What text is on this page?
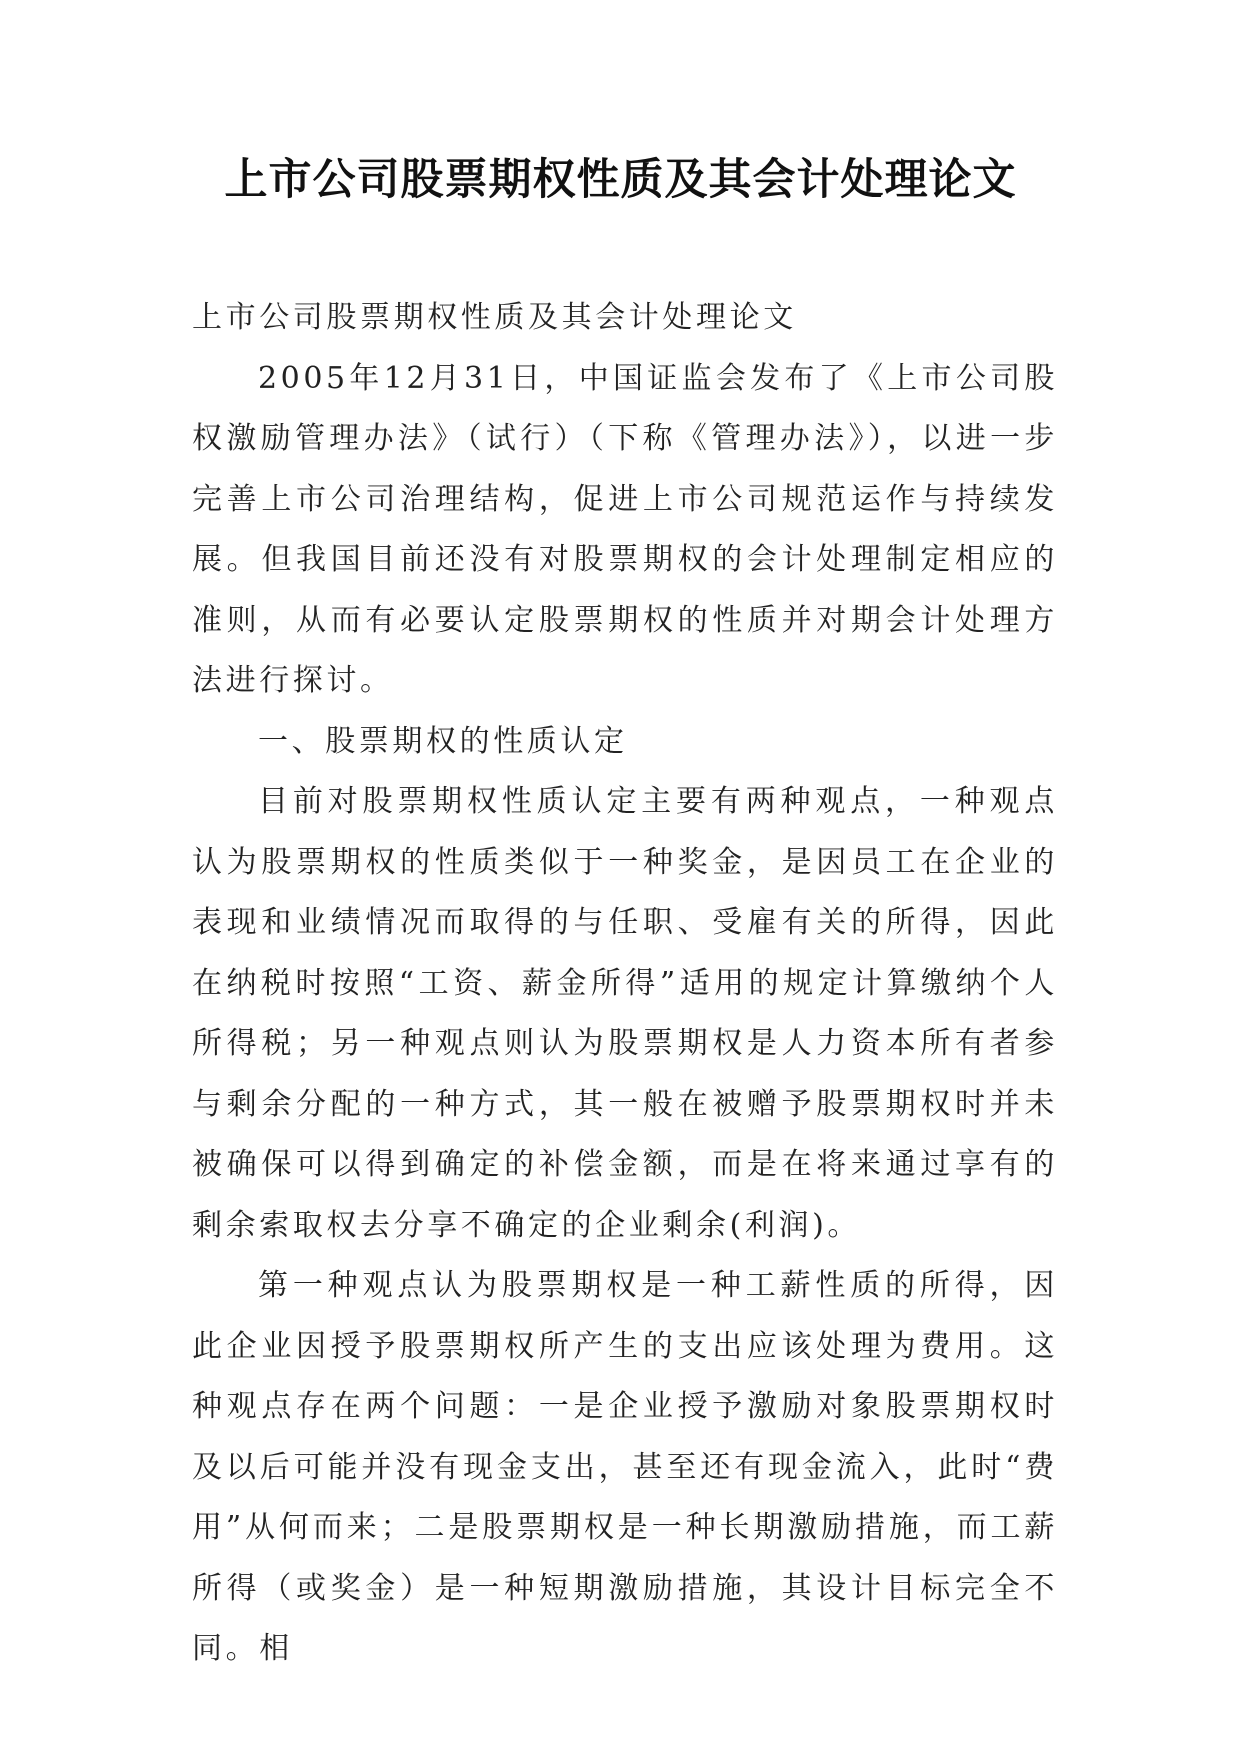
上市公司股票期权性质及其会计处理论文

上市公司股票期权性质及其会计处理论文

2005年12月31日，中国证监会发布了《上市公司股权激励管理办法》（试行）（下称《管理办法》），以进一步完善上市公司治理结构，促进上市公司规范运作与持续发展。但我国目前还没有对股票期权的会计处理制定相应的准则，从而有必要认定股票期权的性质并对期会计处理方法进行探讨。

一、股票期权的性质认定

目前对股票期权性质认定主要有两种观点，一种观点认为股票期权的性质类似于一种奖金，是因员工在企业的表现和业绩情况而取得的与任职、受雇有关的所得，因此在纳税时按照“工资、薪金所得”适用的规定计算缴纳个人所得税；另一种观点则认为股票期权是人力资本所有者参与剩余分配的一种方式，其一般在被赠予股票期权时并未被确保可以得到确定的补偿金额，而是在将来通过享有的剩余索取权去分享不确定的企业剩余(利润)。

第一种观点认为股票期权是一种工薪性质的所得，因此企业因授予股票期权所产生的支出应该处理为费用。这种观点存在两个问题：一是企业授予激励对象股票期权时及以后可能并没有现金支出，甚至还有现金流入，此时“费用”从何而来；二是股票期权是一种长期激励措施，而工薪所得（或奖金）是一种短期激励措施，其设计目标完全不同。相
